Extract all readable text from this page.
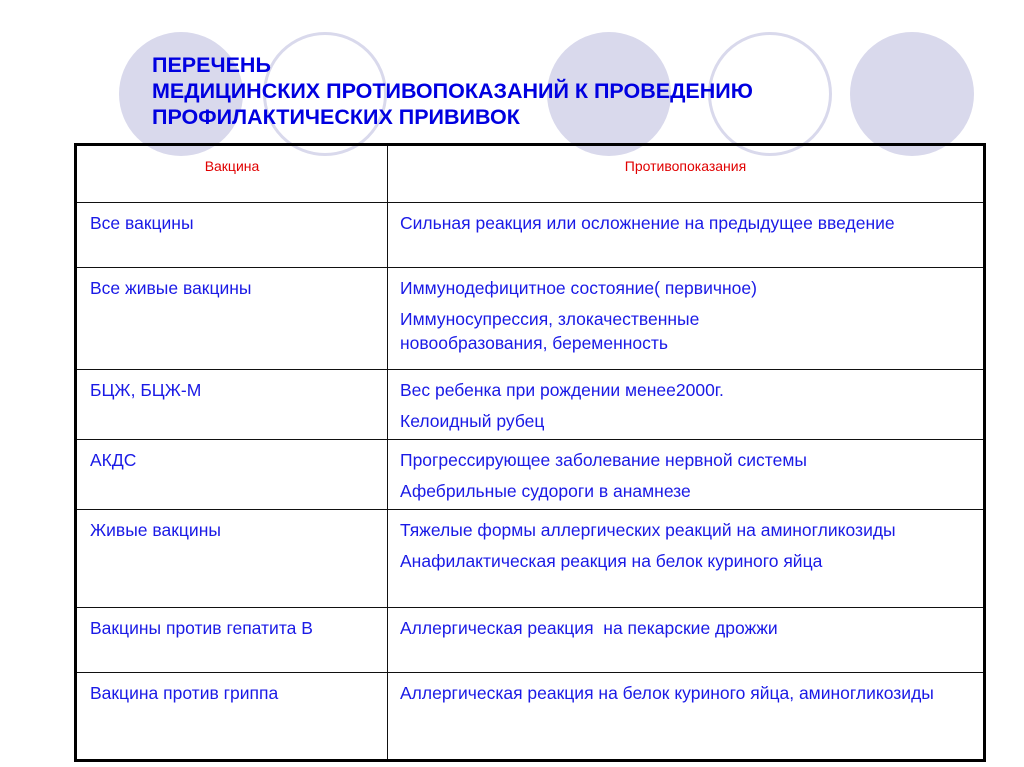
ПЕРЕЧЕНЬ
МЕДИЦИНСКИХ ПРОТИВОПОКАЗАНИЙ К ПРОВЕДЕНИЮ
ПРОФИЛАКТИЧЕСКИХ ПРИВИВОК
Вакцина	Противопоказания

Все вакцины	Сильная реакция или осложнение на предыдущее введение

Все живые вакцины	Иммунодефицитное состояние( первичное)
Иммуносупрессия, злокачественные новообразования, беременность

БЦЖ, БЦЖ-М	Вес ребенка при рождении менее2000г.
Келоидный рубец

АКДС	Прогрессирующее заболевание нервной системы
Афебрильные судороги в анамнезе

Живые вакцины	Тяжелые формы аллергических реакций на аминогликозиды
Анафилактическая реакция на белок куриного яйца

Вакцины против гепатита В	Аллергическая реакция  на пекарские дрожжи

Вакцина против гриппа	Аллергическая реакция на белок куриного яйца, аминогликозиды
